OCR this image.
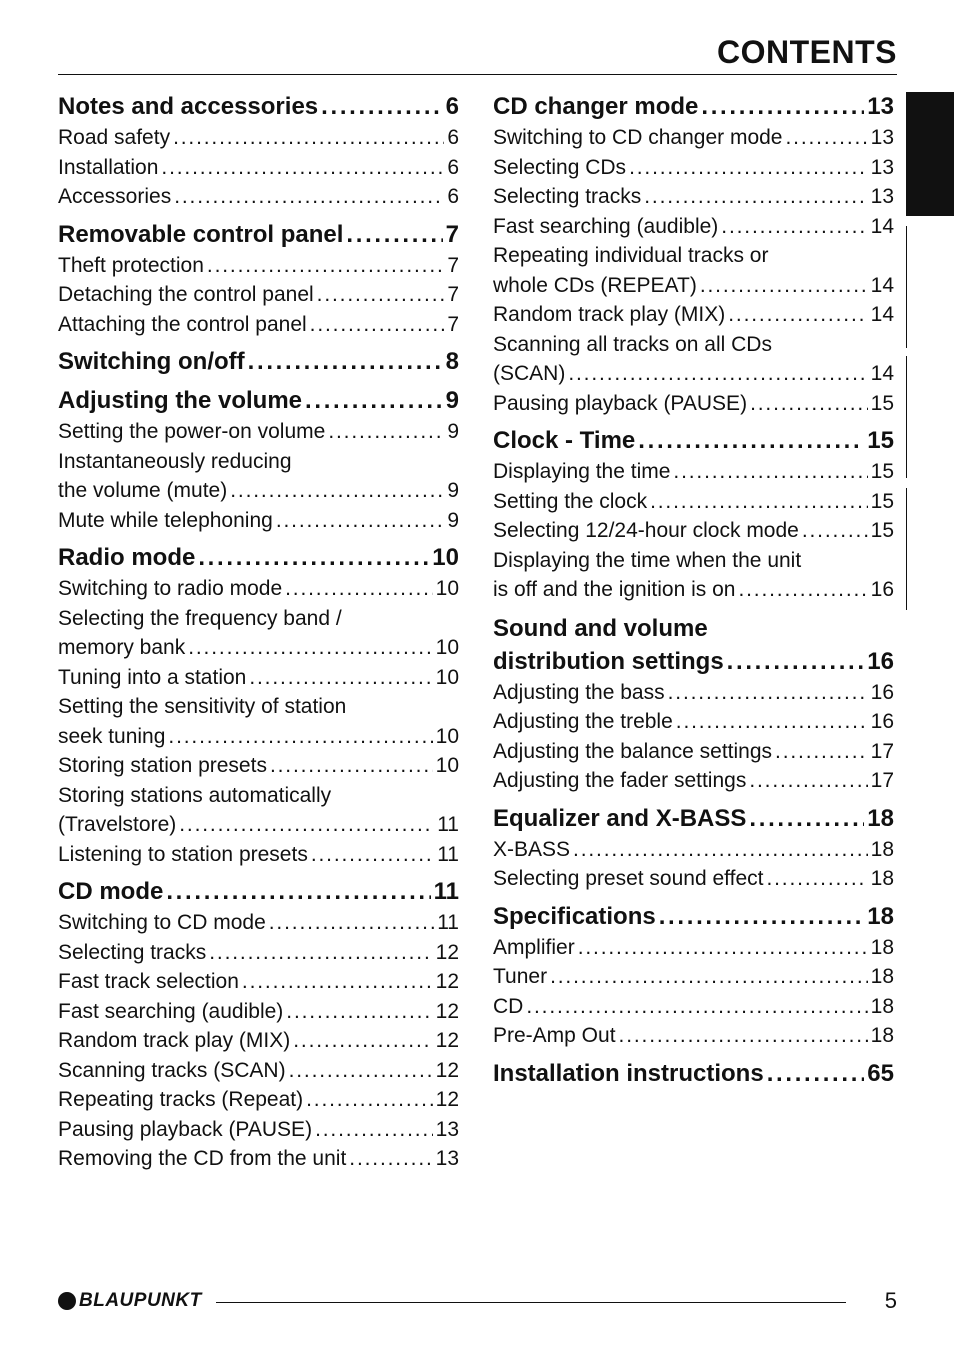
CONTENTS
Notes and accessories . . .	6
Road safety . . .	6
Installation . . .	6
Accessories . . .	6
Removable control panel . . .	7
Theft protection . . .	7
Detaching the control panel . . .	7
Attaching the control panel . . .	7
Switching on/off . . .	8
Adjusting the volume . . .	9
Setting the power-on volume . . .	9
Instantaneously reducing
the volume (mute) . . .	9
Mute while telephoning . . .	9
Radio mode . . .	10
Switching to radio mode . . .	10
Selecting the frequency band /
memory bank . . .	10
Tuning into a station . . .	10
Setting the sensitivity of station
seek tuning . . .	10
Storing station presets . . .	10
Storing stations automatically
(Travelstore) . . .	11
Listening to station presets . . .	11
CD mode . . .	11
Switching to CD mode . . .	11
Selecting tracks . . .	12
Fast track selection . . .	12
Fast searching (audible) . . .	12
Random track play (MIX) . . .	12
Scanning tracks (SCAN) . . .	12
Repeating tracks (Repeat) . . .	12
Pausing playback (PAUSE) . . .	13
Removing the CD from the unit . . .	13
CD changer mode . . .	13
Switching to CD changer mode . . .	13
Selecting CDs . . .	13
Selecting tracks . . .	13
Fast searching (audible) . . .	14
Repeating individual tracks or
whole CDs (REPEAT) . . .	14
Random track play (MIX) . . .	14
Scanning all tracks on all CDs
(SCAN) . . .	14
Pausing playback (PAUSE) . . .	15
Clock - Time . . .	15
Displaying the time . . .	15
Setting the clock . . .	15
Selecting 12/24-hour clock mode . . .	15
Displaying the time when the unit
is off and the ignition is on . . .	16
Sound and volume
distribution settings . . .	16
Adjusting the bass . . .	16
Adjusting the treble . . .	16
Adjusting the balance settings . . .	17
Adjusting the fader settings . . .	17
Equalizer and X-BASS . . .	18
X-BASS . . .	18
Selecting preset sound effect . . .	18
Specifications . . .	18
Amplifier . . .	18
Tuner . . .	18
CD . . .	18
Pre-Amp Out . . .	18
Installation instructions . . .	65
BLAUPUNKT	5
